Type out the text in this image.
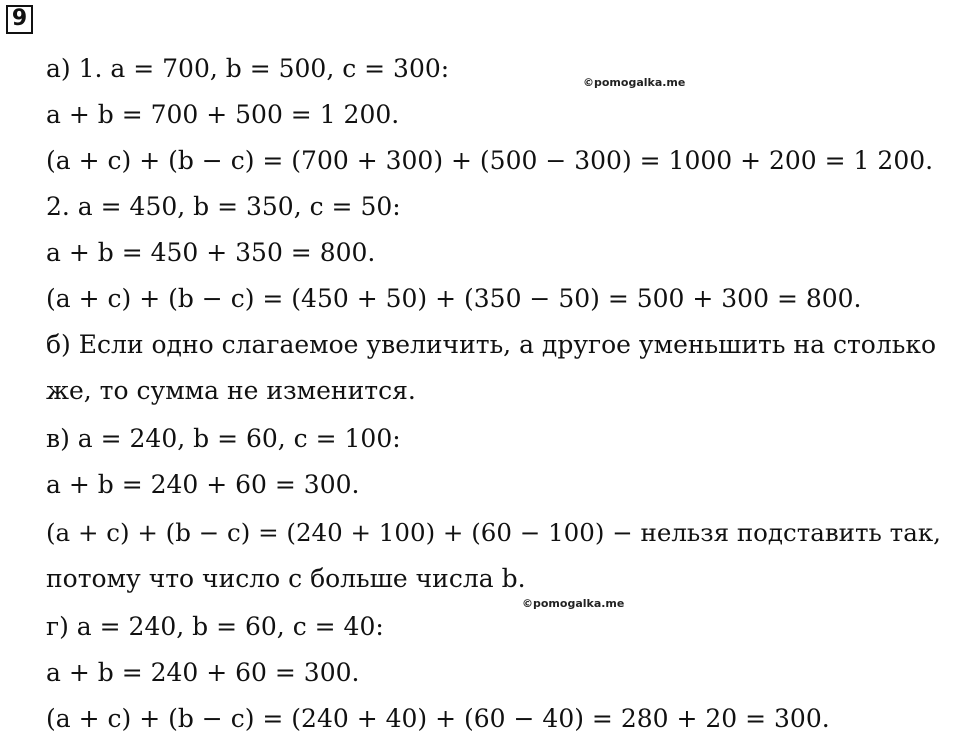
9
©pomogalka.me
©pomogalka.me
а) 1. a = 700, b = 500, c = 300:
a + b = 700 + 500 = 1 200.
(a + c) + (b − c) = (700 + 300) + (500 − 300) = 1000 + 200 = 1 200.
2. a = 450, b = 350, c = 50:
a + b = 450 + 350 = 800.
(a + c) + (b − c) = (450 + 50) + (350 − 50) = 500 + 300 = 800.
б) Если одно слагаемое увеличить, а другое уменьшить на столько
же, то сумма не изменится.
в) a = 240, b = 60, c = 100:
a + b = 240 + 60 = 300.
(a + c) + (b − c) = (240 + 100) + (60 − 100) − нельзя подставить так,
потому что число c больше числа b.
г) a = 240, b = 60, c = 40:
a + b = 240 + 60 = 300.
(a + c) + (b − c) = (240 + 40) + (60 − 40) = 280 + 20 = 300.
